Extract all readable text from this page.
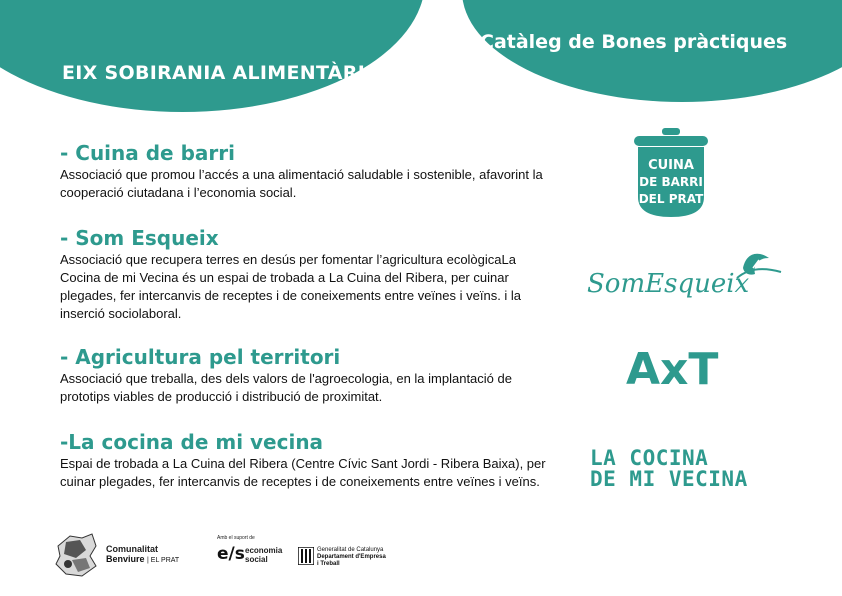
EIX SOBIRANIA ALIMENTÀRIA
Catàleg de Bones pràctiques
- Cuina de barri
Associació que promou l’accés a una alimentació saludable i sostenible, afavorint la cooperació ciutadana i l’economia social.
- Som Esqueix
Associació que recupera terres en desús per fomentar l’agricultura ecològicaLa Cocina de mi Vecina és un espai de trobada a La Cuina del Ribera, per cuinar plegades, fer intercanvis de receptes i de coneixements entre veïnes i veïns. i la inserció sociolaboral.
- Agricultura pel territori
Associació que treballa, des dels valors de l'agroecologia, en la implantació de prototips viables de producció i distribució de proximitat.
-La cocina de mi vecina
Espai de trobada a La Cuina del Ribera (Centre Cívic Sant Jordi - Ribera Baixa), per cuinar plegades, fer intercanvis de receptes i de coneixements entre veïnes i veïns.
CUINA
DE BARRI
DEL PRAT
SomEsqueix
AxT
LA COCINA
DE MI VECINA
Comunalitat
Benviure | EL PRAT
Amb el suport de
e/s economia
social
Generalitat de Catalunya
Departament d'Empresa
i Treball
